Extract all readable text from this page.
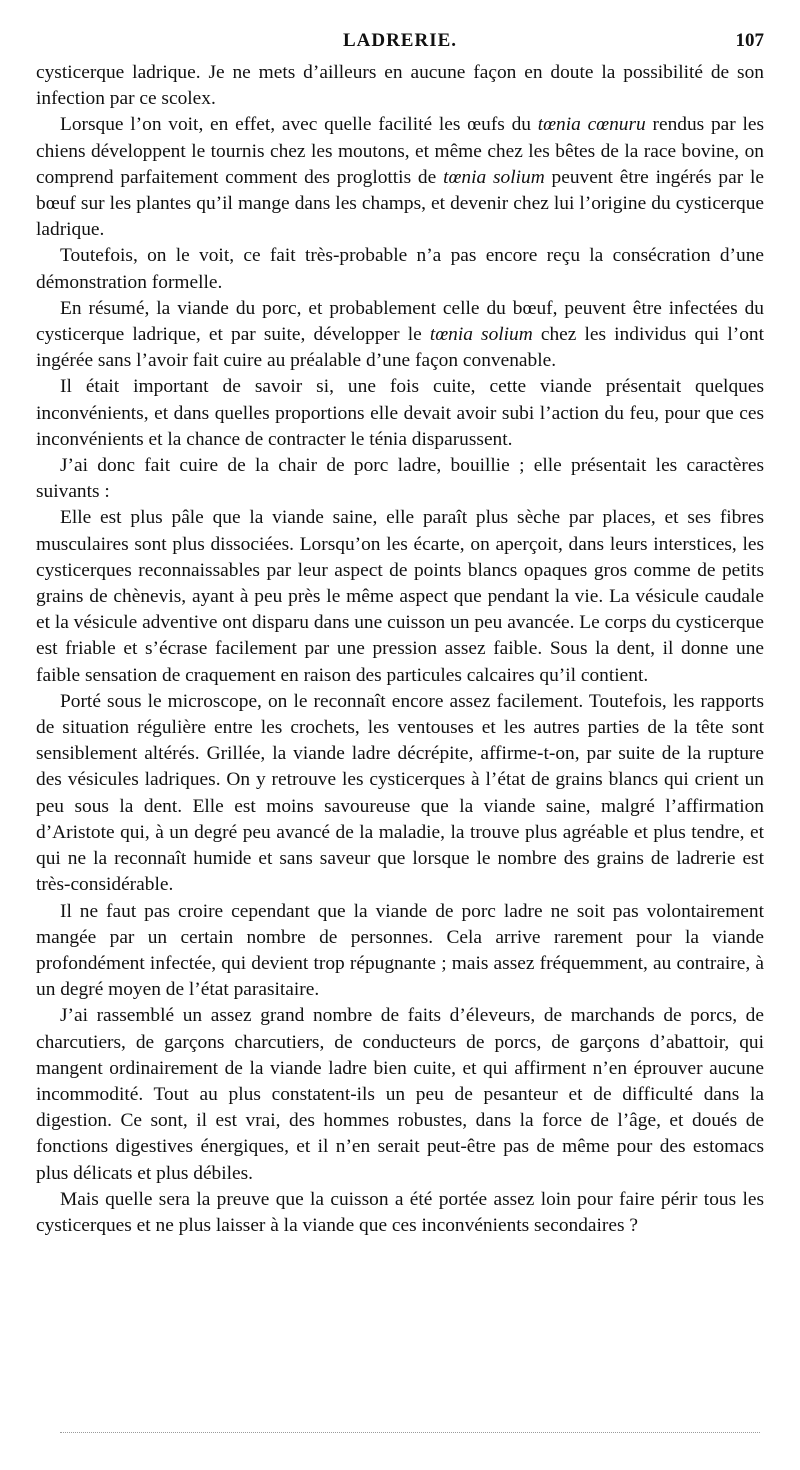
LADRERIE.	107

cysticerque ladrique. Je ne mets d’ailleurs en aucune façon en doute la possibilité de son infection par ce scolex.

Lorsque l’on voit, en effet, avec quelle facilité les œufs du tœnia cœnuru rendus par les chiens développent le tournis chez les moutons, et même chez les bêtes de la race bovine, on comprend parfaitement comment des proglottis de tœnia solium peuvent être ingérés par le bœuf sur les plantes qu’il mange dans les champs, et devenir chez lui l’origine du cysticerque ladrique.

Toutefois, on le voit, ce fait très-probable n’a pas encore reçu la consécration d’une démonstration formelle.

En résumé, la viande du porc, et probablement celle du bœuf, peuvent être infectées du cysticerque ladrique, et par suite, développer le tœnia solium chez les individus qui l’ont ingérée sans l’avoir fait cuire au préalable d’une façon convenable.

Il était important de savoir si, une fois cuite, cette viande présentait quelques inconvénients, et dans quelles proportions elle devait avoir subi l’action du feu, pour que ces inconvénients et la chance de contracter le ténia disparussent.

J’ai donc fait cuire de la chair de porc ladre, bouillie ; elle présentait les caractères suivants :

Elle est plus pâle que la viande saine, elle paraît plus sèche par places, et ses fibres musculaires sont plus dissociées. Lorsqu’on les écarte, on aperçoit, dans leurs interstices, les cysticerques reconnaissables par leur aspect de points blancs opaques gros comme de petits grains de chènevis, ayant à peu près le même aspect que pendant la vie. La vésicule caudale et la vésicule adventive ont disparu dans une cuisson un peu avancée. Le corps du cysticerque est friable et s’écrase facilement par une pression assez faible. Sous la dent, il donne une faible sensation de craquement en raison des particules calcaires qu’il contient.

Porté sous le microscope, on le reconnaît encore assez facilement. Toutefois, les rapports de situation régulière entre les crochets, les ventouses et les autres parties de la tête sont sensiblement altérés. Grillée, la viande ladre décrépite, affirme-t-on, par suite de la rupture des vésicules ladriques. On y retrouve les cysticerques à l’état de grains blancs qui crient un peu sous la dent. Elle est moins savoureuse que la viande saine, malgré l’affirmation d’Aristote qui, à un degré peu avancé de la maladie, la trouve plus agréable et plus tendre, et qui ne la reconnaît humide et sans saveur que lorsque le nombre des grains de ladrerie est très-considérable.

Il ne faut pas croire cependant que la viande de porc ladre ne soit pas volontairement mangée par un certain nombre de personnes. Cela arrive rarement pour la viande profondément infectée, qui devient trop répugnante ; mais assez fréquemment, au contraire, à un degré moyen de l’état parasitaire.

J’ai rassemblé un assez grand nombre de faits d’éleveurs, de marchands de porcs, de charcutiers, de garçons charcutiers, de conducteurs de porcs, de garçons d’abattoir, qui mangent ordinairement de la viande ladre bien cuite, et qui affirment n’en éprouver aucune incommodité. Tout au plus constatent-ils un peu de pesanteur et de difficulté dans la digestion. Ce sont, il est vrai, des hommes robustes, dans la force de l’âge, et doués de fonctions digestives énergiques, et il n’en serait peut-être pas de même pour des estomacs plus délicats et plus débiles.

Mais quelle sera la preuve que la cuisson a été portée assez loin pour faire périr tous les cysticerques et ne plus laisser à la viande que ces inconvénients secondaires ?
